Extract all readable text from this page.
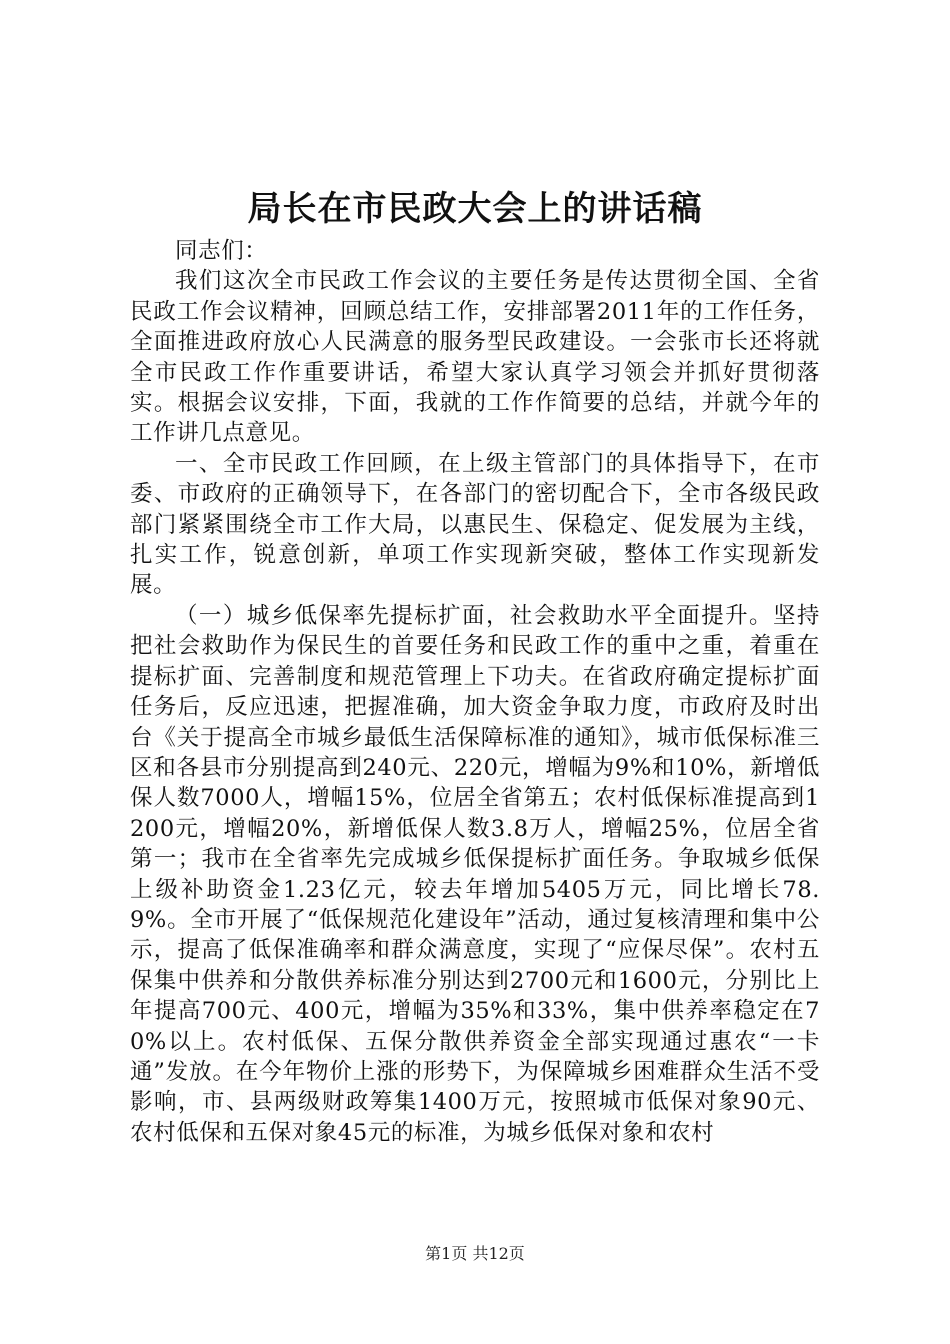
局长在市民政大会上的讲话稿

同志们：

我们这次全市民政工作会议的主要任务是传达贯彻全国、全省民政工作会议精神，回顾总结工作，安排部署2011年的工作任务，全面推进政府放心人民满意的服务型民政建设。一会张市长还将就全市民政工作作重要讲话，希望大家认真学习领会并抓好贯彻落实。根据会议安排，下面，我就的工作作简要的总结，并就今年的工作讲几点意见。

一、全市民政工作回顾，在上级主管部门的具体指导下，在市委、市政府的正确领导下，在各部门的密切配合下，全市各级民政部门紧紧围绕全市工作大局，以惠民生、保稳定、促发展为主线，扎实工作，锐意创新，单项工作实现新突破，整体工作实现新发展。

（一）城乡低保率先提标扩面，社会救助水平全面提升。坚持把社会救助作为保民生的首要任务和民政工作的重中之重，着重在提标扩面、完善制度和规范管理上下功夫。在省政府确定提标扩面任务后，反应迅速，把握准确，加大资金争取力度，市政府及时出台《关于提高全市城乡最低生活保障标准的通知》，城市低保标准三区和各县市分别提高到240元、220元，增幅为9%和10%，新增低保人数7000人，增幅15%，位居全省第五；农村低保标准提高到1200元，增幅20%，新增低保人数3.8万人，增幅25%，位居全省第一；我市在全省率先完成城乡低保提标扩面任务。争取城乡低保上级补助资金1.23亿元，较去年增加5405万元，同比增长78.9%。全市开展了“低保规范化建设年”活动，通过复核清理和集中公示，提高了低保准确率和群众满意度，实现了“应保尽保”。农村五保集中供养和分散供养标准分别达到2700元和1600元，分别比上年提高700元、400元，增幅为35%和33%，集中供养率稳定在70%以上。农村低保、五保分散供养资金全部实现通过惠农“一卡通”发放。在今年物价上涨的形势下，为保障城乡困难群众生活不受影响，市、县两级财政筹集1400万元，按照城市低保对象90元、农村低保和五保对象45元的标准，为城乡低保对象和农村

第1页 共12页
